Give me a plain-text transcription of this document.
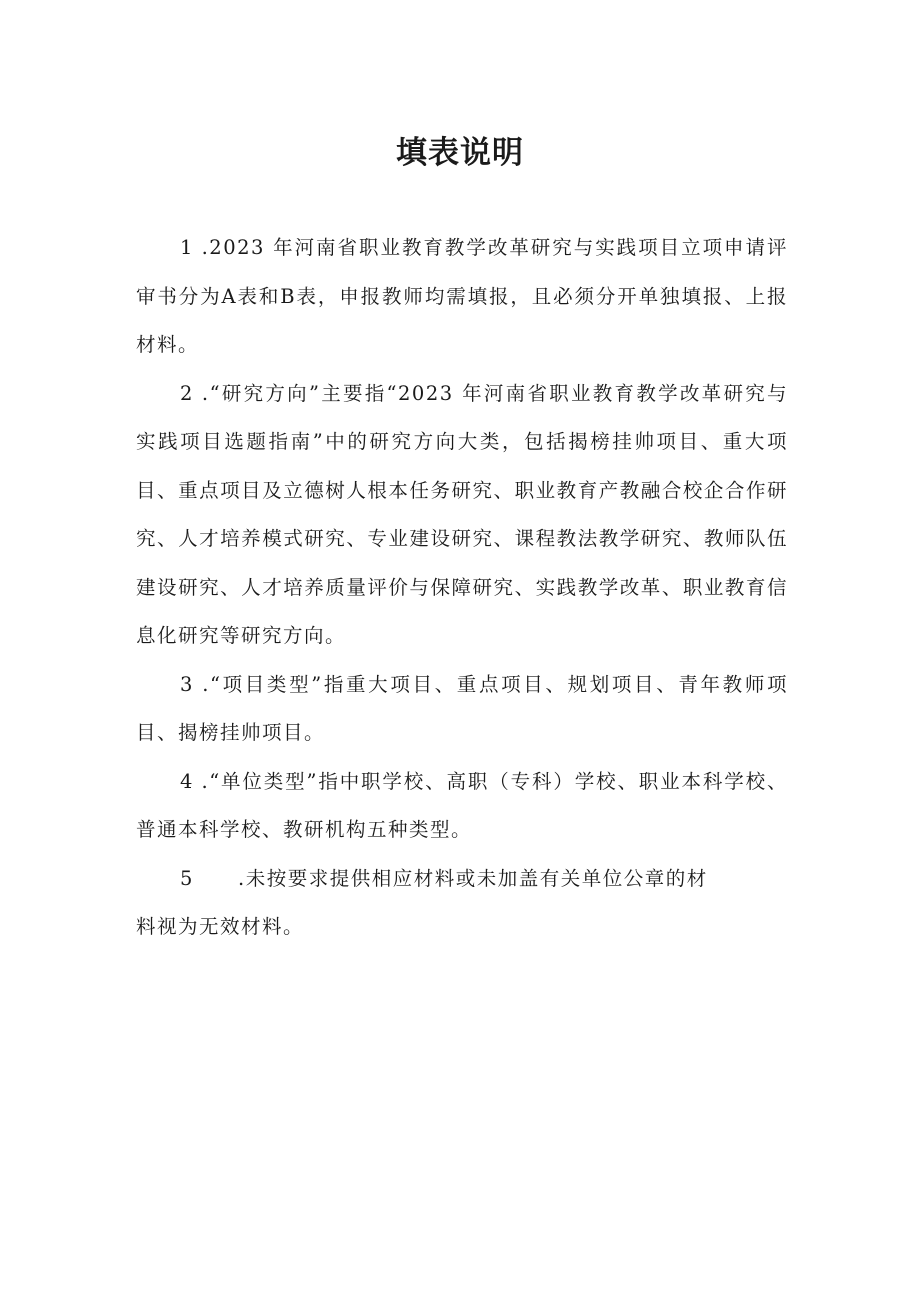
填表说明

1 .2023 年河南省职业教育教学改革研究与实践项目立项申请评审书分为A表和B表，申报教师均需填报，且必须分开单独填报、上报材料。

2 .“研究方向”主要指“2023 年河南省职业教育教学改革研究与实践项目选题指南”中的研究方向大类，包括揭榜挂帅项目、重大项目、重点项目及立德树人根本任务研究、职业教育产教融合校企合作研究、人才培养模式研究、专业建设研究、课程教法教学研究、教师队伍建设研究、人才培养质量评价与保障研究、实践教学改革、职业教育信息化研究等研究方向。

3 .“项目类型”指重大项目、重点项目、规划项目、青年教师项目、揭榜挂帅项目。

4 .“单位类型”指中职学校、高职（专科）学校、职业本科学校、普通本科学校、教研机构五种类型。

5 .未按要求提供相应材料或未加盖有关单位公章的材

料视为无效材料。
